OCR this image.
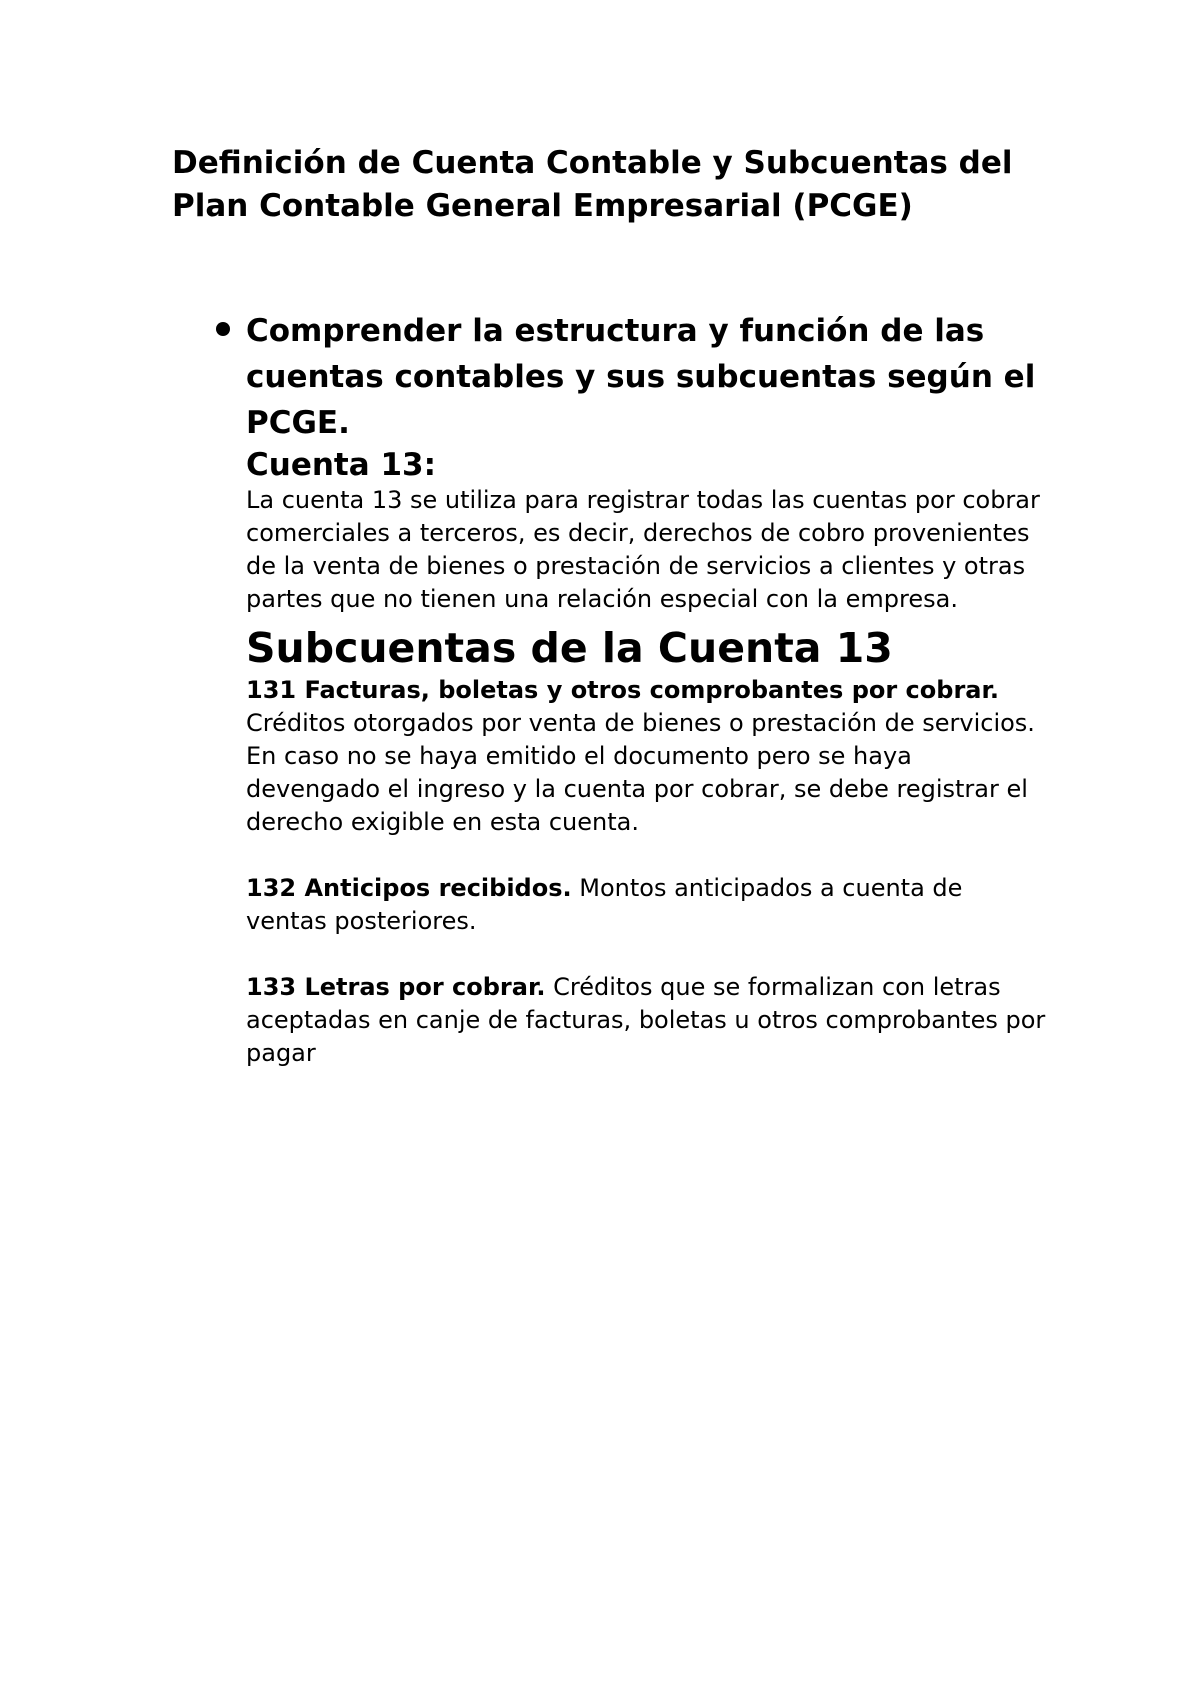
Definición de Cuenta Contable y Subcuentas del Plan Contable General Empresarial (PCGE)

Comprender la estructura y función de las cuentas contables y sus subcuentas según el PCGE.

Cuenta 13:

La cuenta 13 se utiliza para registrar todas las cuentas por cobrar comerciales a terceros, es decir, derechos de cobro provenientes de la venta de bienes o prestación de servicios a clientes y otras partes que no tienen una relación especial con la empresa.

Subcuentas de la Cuenta 13

131 Facturas, boletas y otros comprobantes por cobrar.
Créditos otorgados por venta de bienes o prestación de servicios. En caso no se haya emitido el documento pero se haya devengado el ingreso y la cuenta por cobrar, se debe registrar el derecho exigible en esta cuenta.

132 Anticipos recibidos. Montos anticipados a cuenta de ventas posteriores.

133 Letras por cobrar. Créditos que se formalizan con letras aceptadas en canje de facturas, boletas u otros comprobantes por pagar
